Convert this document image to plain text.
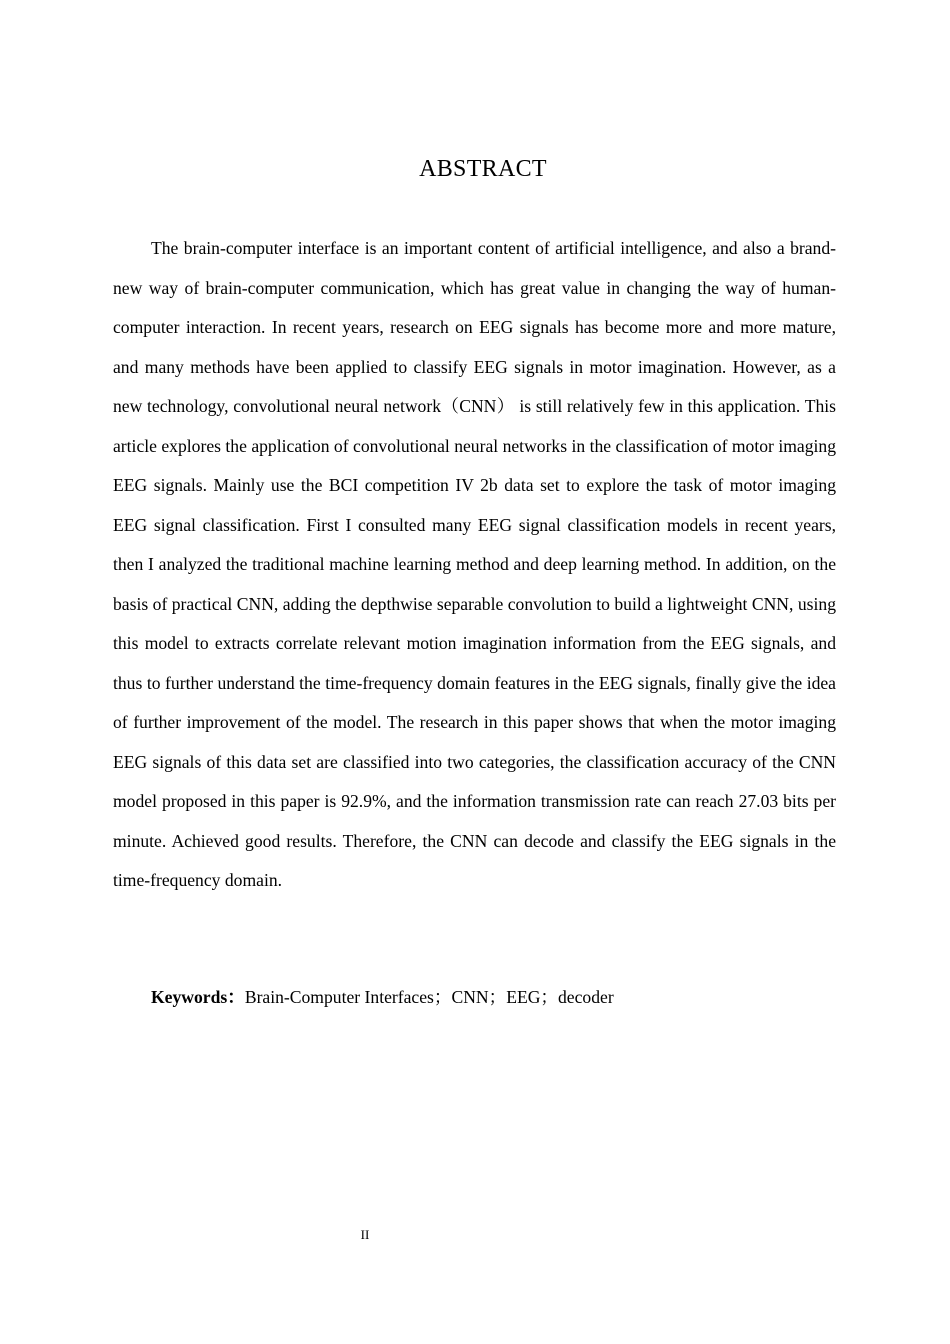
ABSTRACT

The brain-computer interface is an important content of artificial intelligence, and also a brand-new way of brain-computer communication, which has great value in changing the way of human-computer interaction. In recent years, research on EEG signals has become more and more mature, and many methods have been applied to classify EEG signals in motor imagination. However, as a new technology, convolutional neural network（CNN） is still relatively few in this application. This article explores the application of convolutional neural networks in the classification of motor imaging EEG signals. Mainly use the BCI competition IV 2b data set to explore the task of motor imaging EEG signal classification. First I consulted many EEG signal classification models in recent years, then I analyzed the traditional machine learning method and deep learning method. In addition, on the basis of practical CNN, adding the depthwise separable convolution to build a lightweight CNN, using this model to extracts correlate relevant motion imagination information from the EEG signals, and thus to further understand the time-frequency domain features in the EEG signals, finally give the idea of further improvement of the model. The research in this paper shows that when the motor imaging EEG signals of this data set are classified into two categories, the classification accuracy of the CNN model proposed in this paper is 92.9%, and the information transmission rate can reach 27.03 bits per minute. Achieved good results. Therefore, the CNN can decode and classify the EEG signals in the time-frequency domain.

Keywords：Brain-Computer Interfaces；CNN；EEG；decoder
II
